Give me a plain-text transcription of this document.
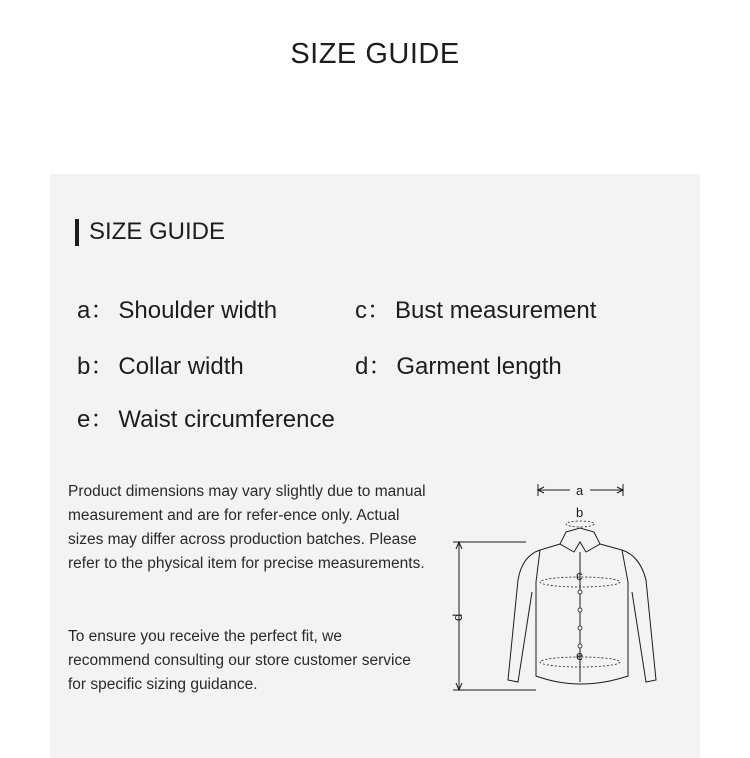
SIZE GUIDE
SIZE GUIDE
a： Shoulder width
b： Collar width
e： Waist circumference
c： Bust measurement
d： Garment length

Product dimensions may vary slightly due to manual measurement and are for refer-ence only. Actual sizes may differ across production batches. Please refer to the physical item for precise measurements.

To ensure you receive the perfect fit, we recommend consulting our store customer service for specific sizing guidance.

a
b
d
c
e
